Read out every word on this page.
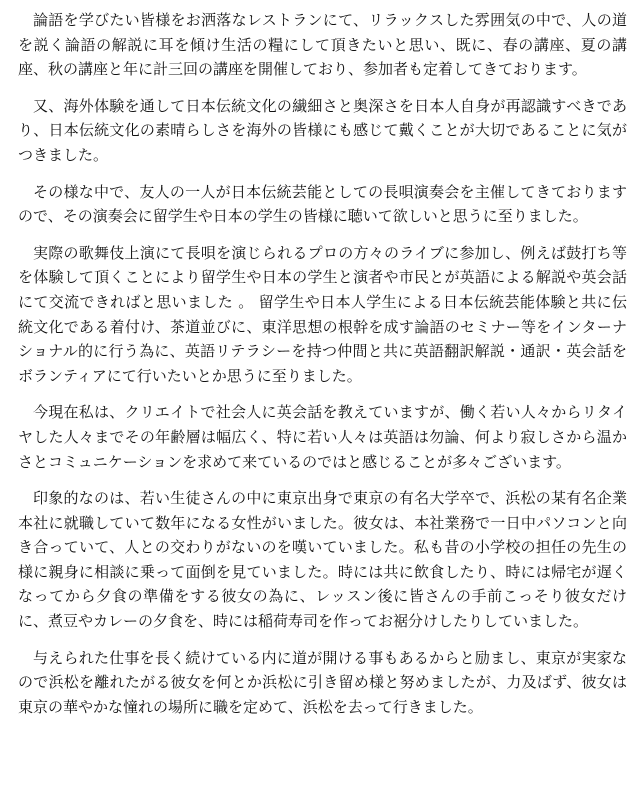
論語を学びたい皆様をお洒落なレストランにて、リラックスした雰囲気の中で、人の道を説く論語の解説に耳を傾け生活の糧にして頂きたいと思い、既に、春の講座、夏の講座、秋の講座と年に計三回の講座を開催しており、参加者も定着してきております。

又、海外体験を通して日本伝統文化の繊細さと奥深さを日本人自身が再認識すべきであり、日本伝統文化の素晴らしさを海外の皆様にも感じて戴くことが大切であることに気がつきました。

その様な中で、友人の一人が日本伝統芸能としての長唄演奏会を主催してきておりますので、その演奏会に留学生や日本の学生の皆様に聴いて欲しいと思うに至りました。

実際の歌舞伎上演にて長唄を演じられるプロの方々のライブに参加し、例えば鼓打ち等を体験して頂くことにより留学生や日本の学生と演者や市民とが英語による解説や英会話にて交流できればと思いました 。 留学生や日本人学生による日本伝統芸能体験と共に伝統文化である着付け、茶道並びに、東洋思想の根幹を成す論語のセミナー等をインターナショナル的に行う為に、英語リテラシーを持つ仲間と共に英語翻訳解説・通訳・英会話をボランティアにて行いたいとか思うに至りました。

今現在私は、クリエイトで社会人に英会話を教えていますが、働く若い人々からリタイヤした人々までその年齢層は幅広く、特に若い人々は英語は勿論、何より寂しさから温かさとコミュニケーションを求めて来ているのではと感じることが多々ございます。

印象的なのは、若い生徒さんの中に東京出身で東京の有名大学卒で、浜松の某有名企業本社に就職していて数年になる女性がいました。彼女は、本社業務で一日中パソコンと向き合っていて、人との交わりがないのを嘆いていました。私も昔の小学校の担任の先生の様に親身に相談に乗って面倒を見ていました。時には共に飲食したり、時には帰宅が遅くなってから夕食の準備をする彼女の為に、レッスン後に皆さんの手前こっそり彼女だけに、煮豆やカレーの夕食を、時には稲荷寿司を作ってお裾分けしたりしていました。

与えられた仕事を長く続けている内に道が開ける事もあるからと励まし、東京が実家なので浜松を離れたがる彼女を何とか浜松に引き留め様と努めましたが、力及ばず、彼女は東京の華やかな憧れの場所に職を定めて、浜松を去って行きました。
